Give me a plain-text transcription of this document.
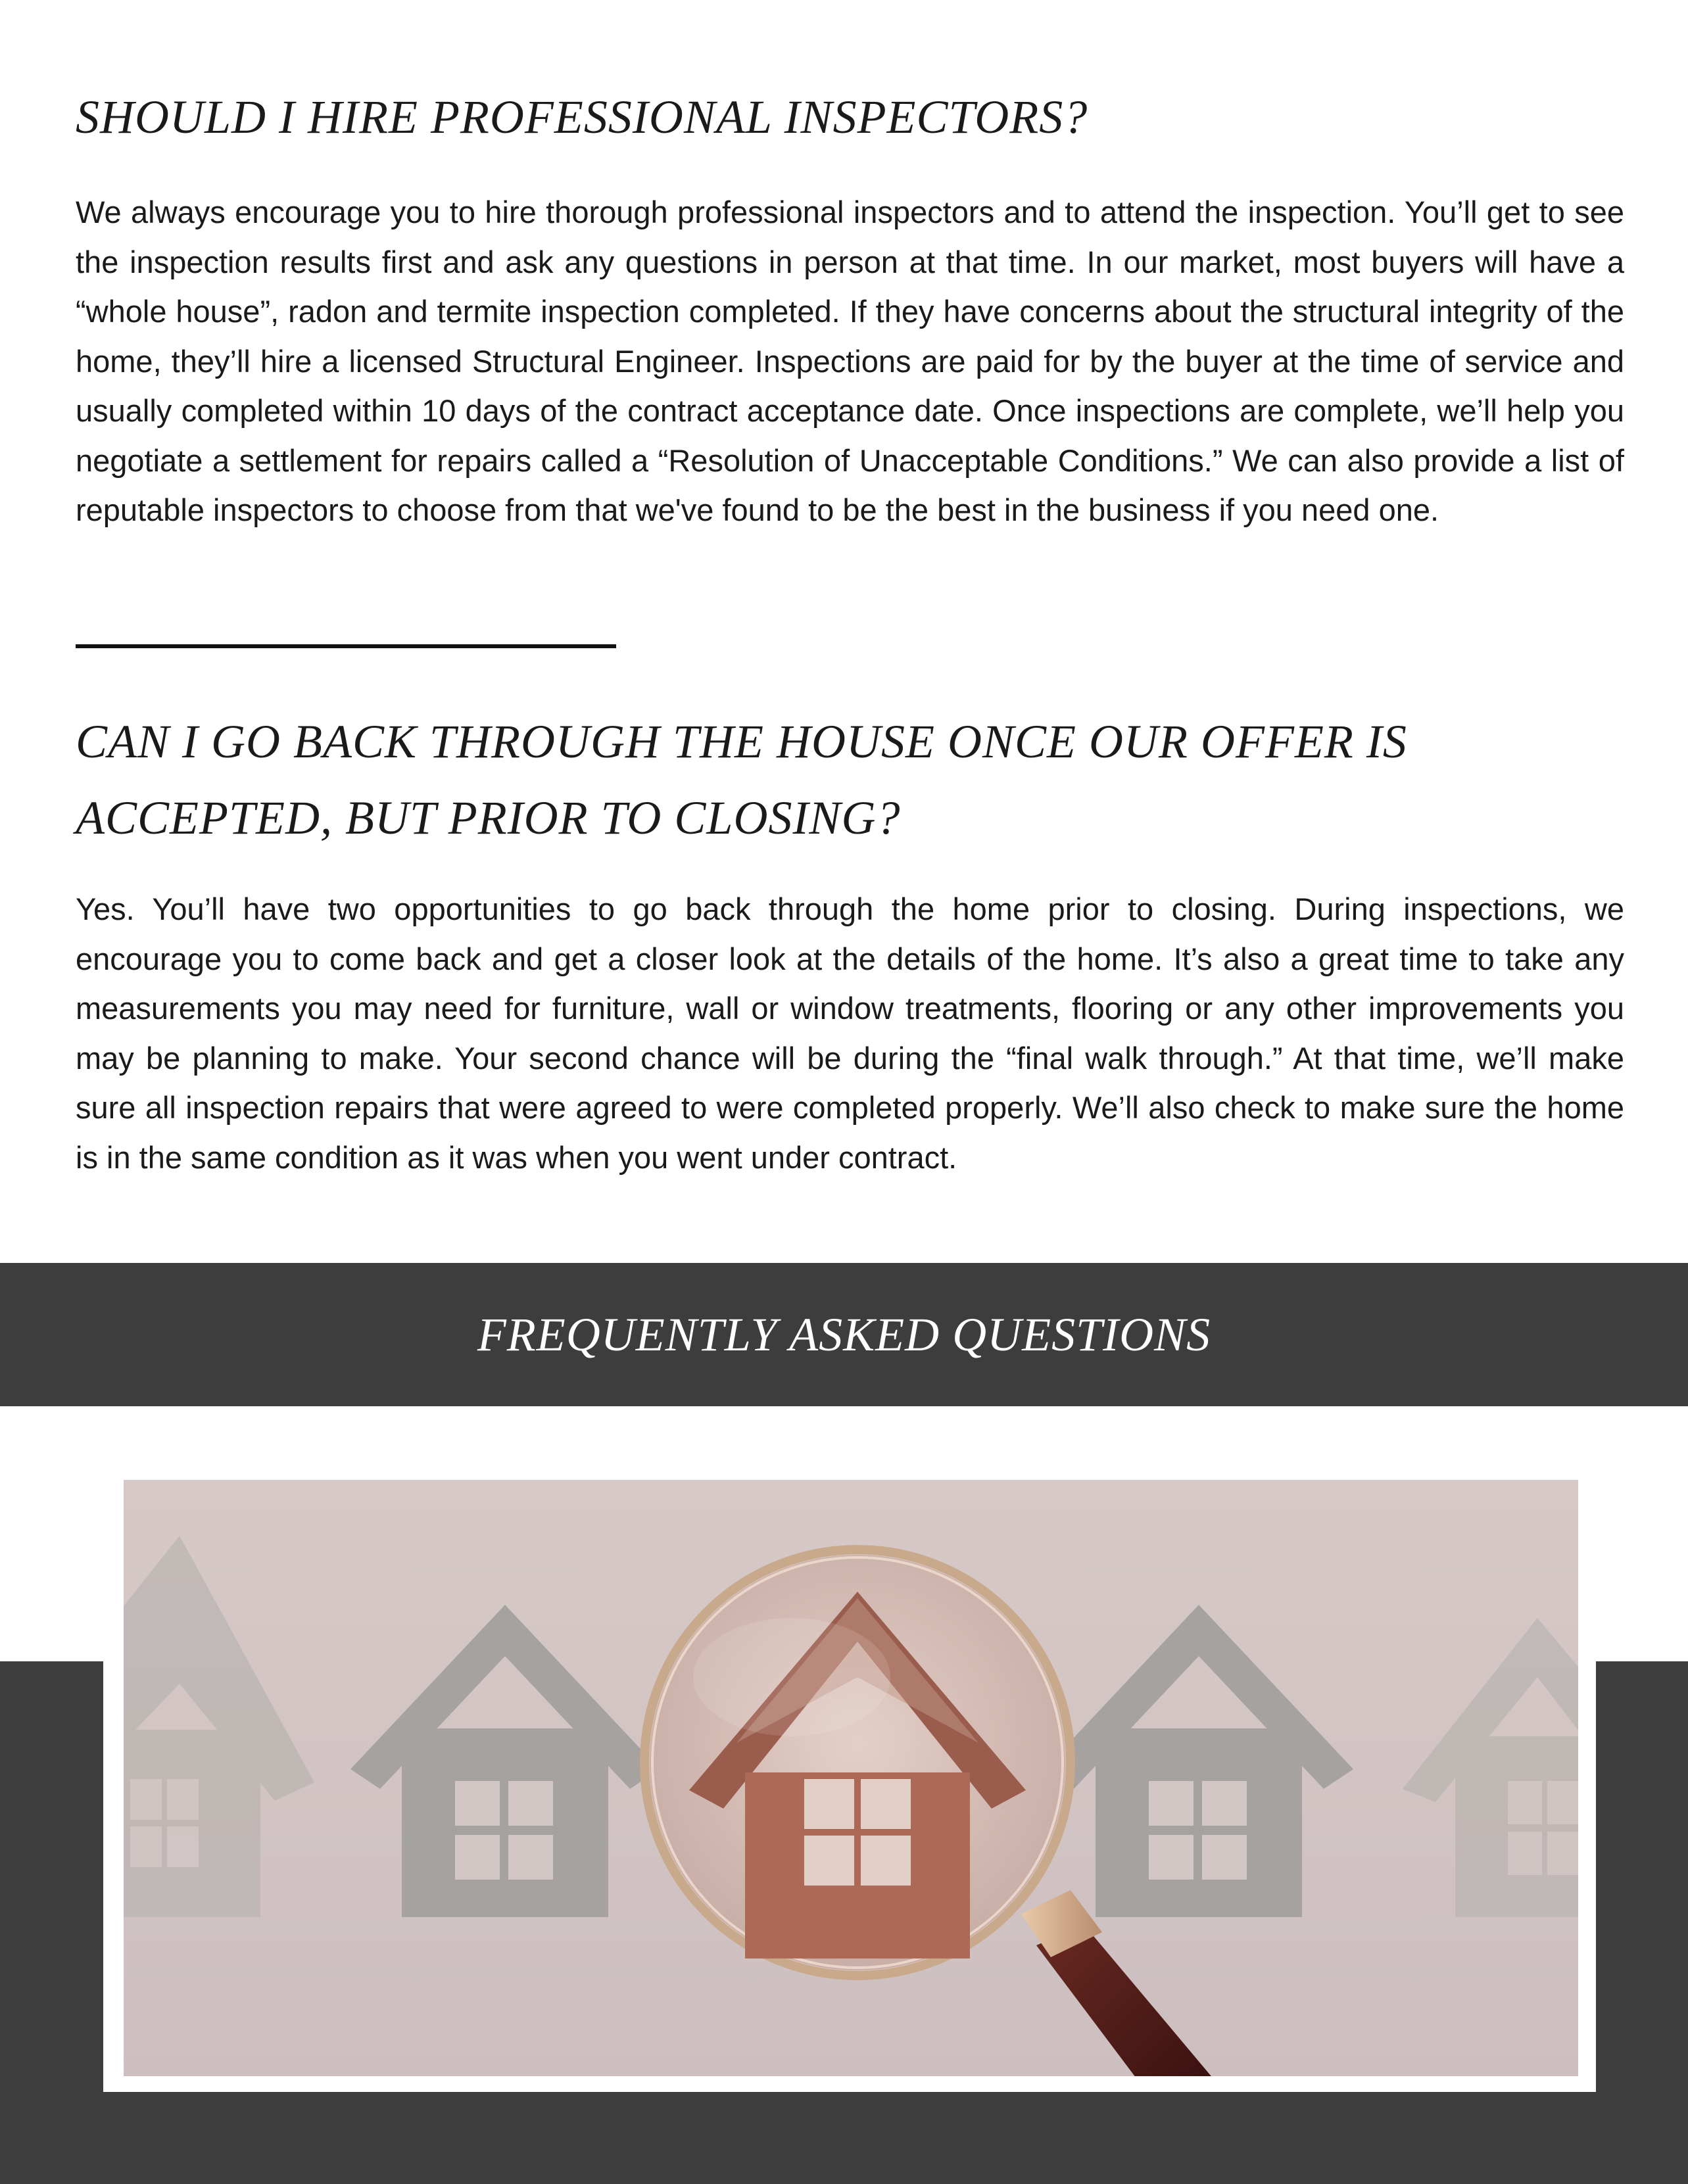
SHOULD I HIRE PROFESSIONAL INSPECTORS?

We always encourage you to hire thorough professional inspectors and to attend the inspection. You’ll get to see the inspection results first and ask any questions in person at that time. In our market, most buyers will have a “whole house”, radon and termite inspection completed. If they have concerns about the structural integrity of the home, they’ll hire a licensed Structural Engineer. Inspections are paid for by the buyer at the time of service and usually completed within 10 days of the contract acceptance date. Once inspections are complete, we’ll help you negotiate a settlement for repairs called a “Resolution of Unacceptable Conditions.” We can also provide a list of reputable inspectors to choose from that we've found to be the best in the business if you need one.

CAN I GO BACK THROUGH THE HOUSE ONCE OUR OFFER IS ACCEPTED, BUT PRIOR TO CLOSING?

Yes. You’ll have two opportunities to go back through the home prior to closing. During inspections, we encourage you to come back and get a closer look at the details of the home. It’s also a great time to take any measurements you may need for furniture, wall or window treatments, flooring or any other improvements you may be planning to make. Your second chance will be during the “final walk through.” At that time, we’ll make sure all inspection repairs that were agreed to were completed properly. We’ll also check to make sure the home is in the same condition as it was when you went under contract.

FREQUENTLY ASKED QUESTIONS
